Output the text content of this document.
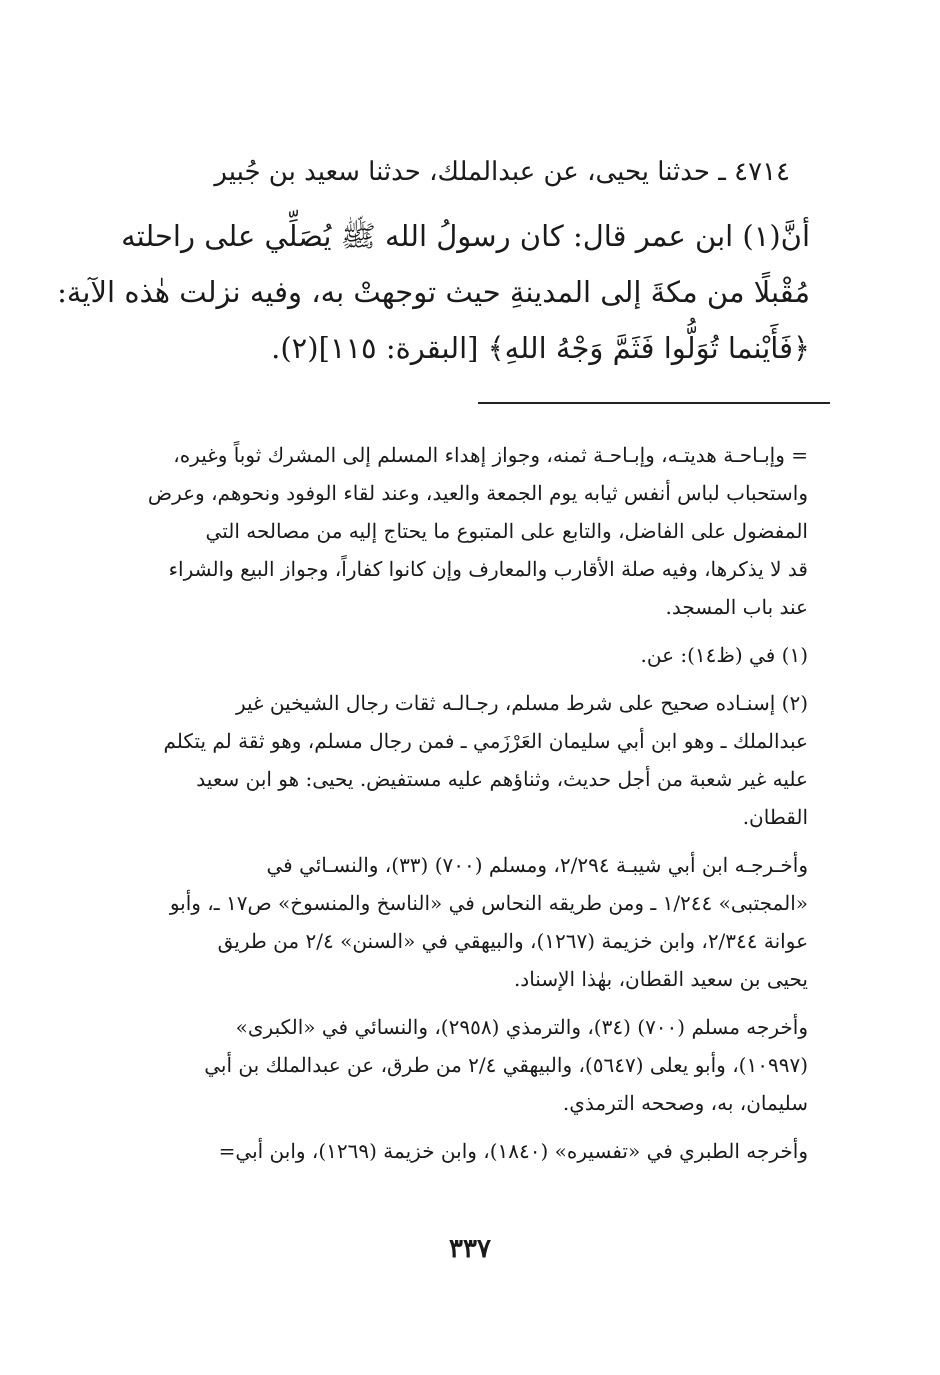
٤٧١٤ ـ حدثنا يحيى، عن عبدالملك، حدثنا سعيد بن جُبير
أنَّ(١) ابن عمر قال: كان رسولُ الله ﷺ يُصَلِّي على راحلته
مُقْبلًا من مكةَ إلى المدينةِ حيث توجهتْ به، وفيه نزلت هٰذه الآية:
﴿فَأَيْنما تُوَلُّوا فَثَمَّ وَجْهُ اللهِ﴾ [البقرة: ١١٥](٢).
= وإبـاحـة هديتـه، وإبـاحـة ثمنه، وجواز إهداء المسلم إلى المشرك ثوباً وغيره،
واستحباب لباس أنفس ثيابه يوم الجمعة والعيد، وعند لقاء الوفود ونحوهم، وعرض
المفضول على الفاضل، والتابع على المتبوع ما يحتاج إليه من مصالحه التي
قد لا يذكرها، وفيه صلة الأقارب والمعارف وإن كانوا كفاراً، وجواز البيع والشراء
عند باب المسجد.
(١) في (ظ١٤): عن.
(٢) إسنـاده صحيح على شرط مسلم، رجـالـه ثقات رجال الشيخين غير
عبدالملك ـ وهو ابن أبي سليمان العَرْزَمي ـ فمن رجال مسلم، وهو ثقة لم يتكلم
عليه غير شعبة من أجل حديث، وثناؤهم عليه مستفيض. يحيى: هو ابن سعيد
القطان.
وأخـرجـه ابن أبي شيبـة ٢/٢٩٤، ومسلم (٧٠٠) (٣٣)، والنسـائي في
«المجتبى» ١/٢٤٤ ـ ومن طريقه النحاس في «الناسخ والمنسوخ» ص١٧ ـ، وأبو
عوانة ٢/٣٤٤، وابن خزيمة (١٢٦٧)، والبيهقي في «السنن» ٢/٤ من طريق
يحيى بن سعيد القطان، بهٰذا الإسناد.
وأخرجه مسلم (٧٠٠) (٣٤)، والترمذي (٢٩٥٨)، والنسائي في «الكبرى»
(١٠٩٩٧)، وأبو يعلى (٥٦٤٧)، والبيهقي ٢/٤ من طرق، عن عبدالملك بن أبي
سليمان، به، وصححه الترمذي.
وأخرجه الطبري في «تفسيره» (١٨٤٠)، وابن خزيمة (١٢٦٩)، وابن أبي=
٣٣٧
